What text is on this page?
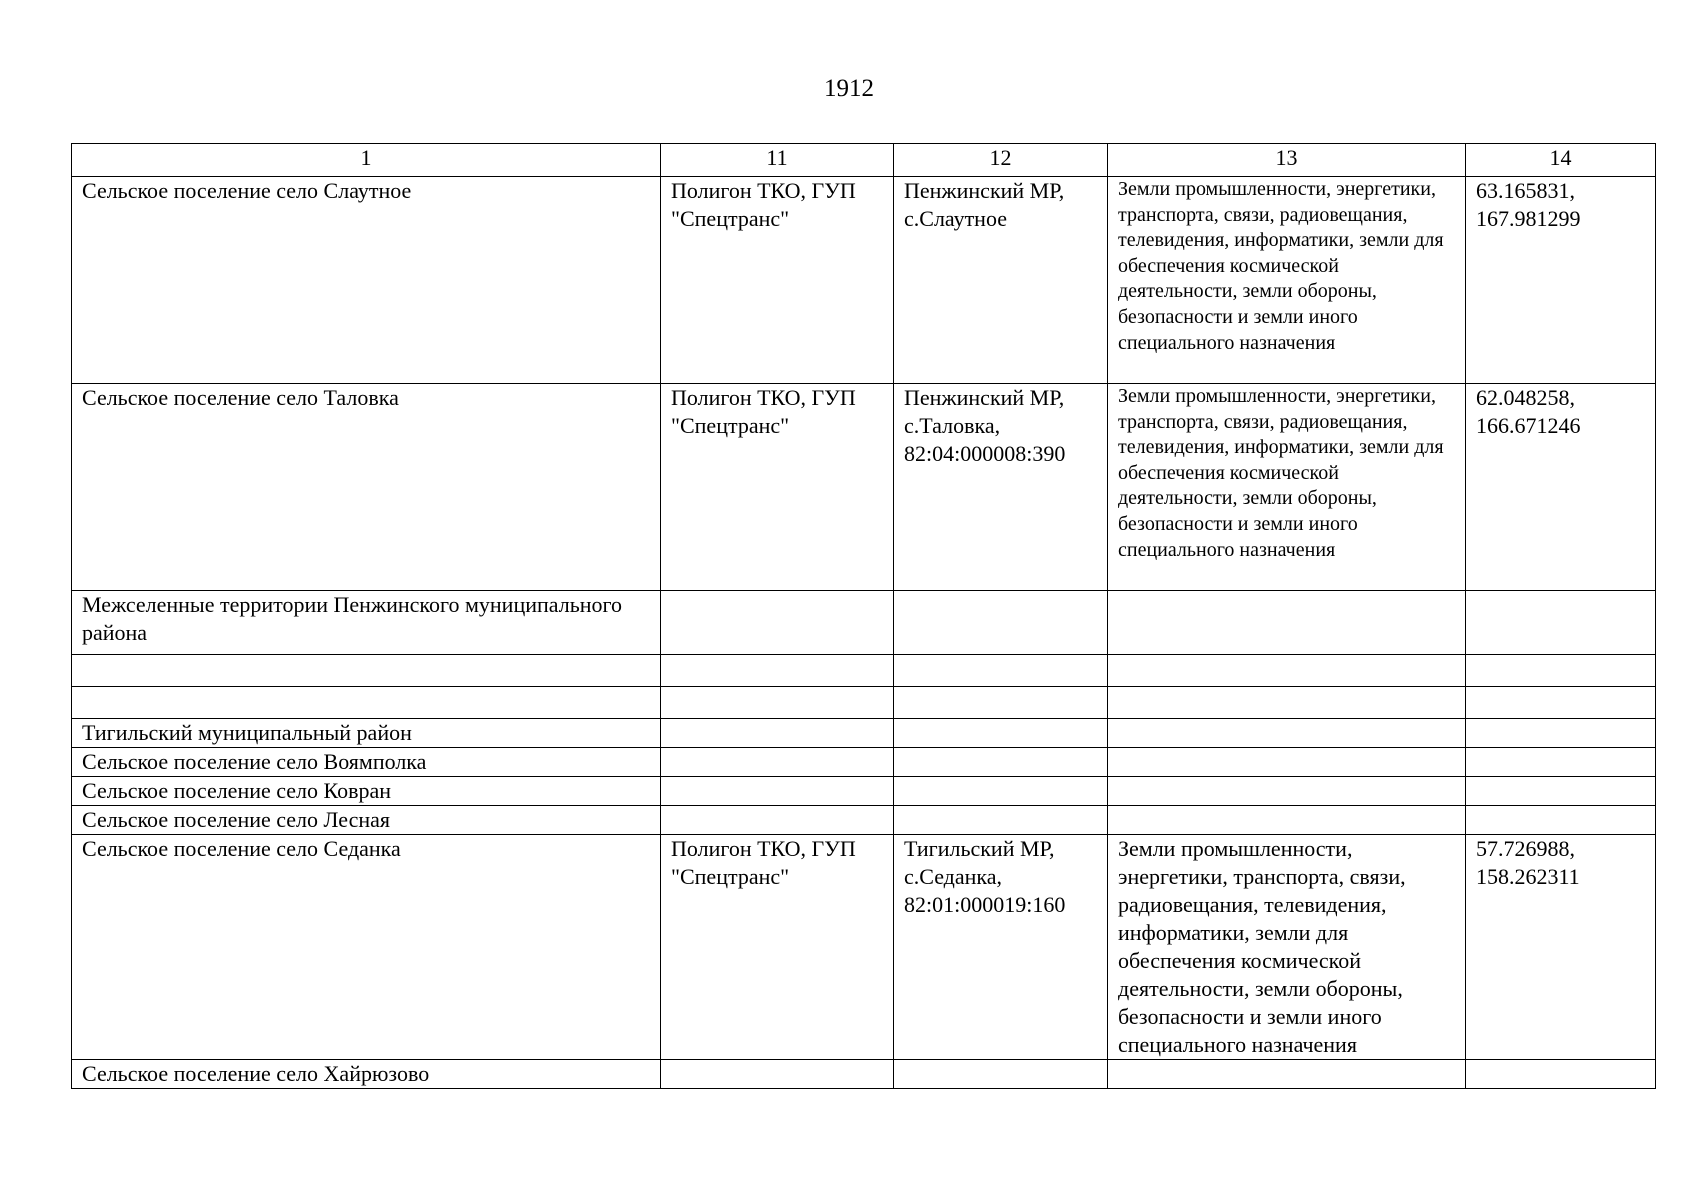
1912
1	11	12	13	14
Сельское поселение село Слаутное	Полигон ТКО, ГУП "Спецтранс"	Пенжинский МР, с.Слаутное	Земли промышленности, энергетики, транспорта, связи, радиовещания, телевидения, информатики, земли для обеспечения космической деятельности, земли обороны, безопасности и земли иного специального назначения	63.165831, 167.981299
Сельское поселение село Таловка	Полигон ТКО, ГУП "Спецтранс"	Пенжинский МР, с.Таловка, 82:04:000008:390	Земли промышленности, энергетики, транспорта, связи, радиовещания, телевидения, информатики, земли для обеспечения космической деятельности, земли обороны, безопасности и земли иного специального назначения	62.048258, 166.671246
Межселенные территории Пенжинского муниципального района				

Тигильский муниципальный район				
Сельское поселение село Воямполка				
Сельское поселение село Ковран				
Сельское поселение село Лесная				
Сельское поселение село Седанка	Полигон ТКО, ГУП "Спецтранс"	Тигильский МР, с.Седанка, 82:01:000019:160	Земли промышленности, энергетики, транспорта, связи, радиовещания, телевидения, информатики, земли для обеспечения космической деятельности, земли обороны, безопасности и земли иного специального назначения	57.726988, 158.262311
Сельское поселение село Хайрюзово				
